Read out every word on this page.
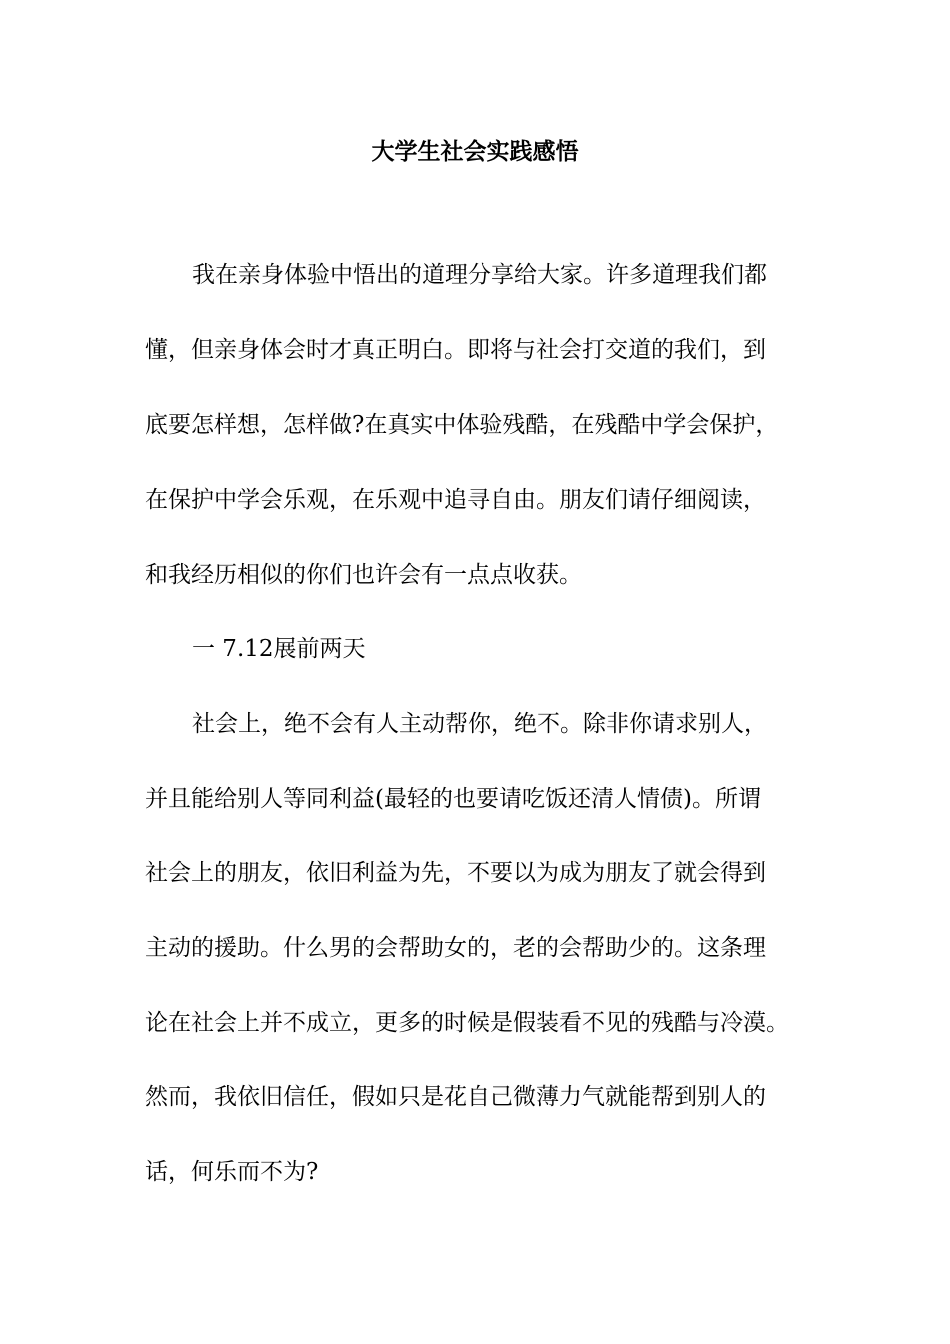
大学生社会实践感悟

我在亲身体验中悟出的道理分享给大家。许多道理我们都

懂，但亲身体会时才真正明白。即将与社会打交道的我们，到

底要怎样想，怎样做?在真实中体验残酷，在残酷中学会保护，

在保护中学会乐观，在乐观中追寻自由。朋友们请仔细阅读，

和我经历相似的你们也许会有一点点收获。

一 7.12展前两天

社会上，绝不会有人主动帮你，绝不。除非你请求别人，

并且能给别人等同利益(最轻的也要请吃饭还清人情债)。所谓

社会上的朋友，依旧利益为先，不要以为成为朋友了就会得到

主动的援助。什么男的会帮助女的，老的会帮助少的。这条理

论在社会上并不成立，更多的时候是假装看不见的残酷与冷漠。

然而，我依旧信任，假如只是花自己微薄力气就能帮到别人的

话，何乐而不为?
